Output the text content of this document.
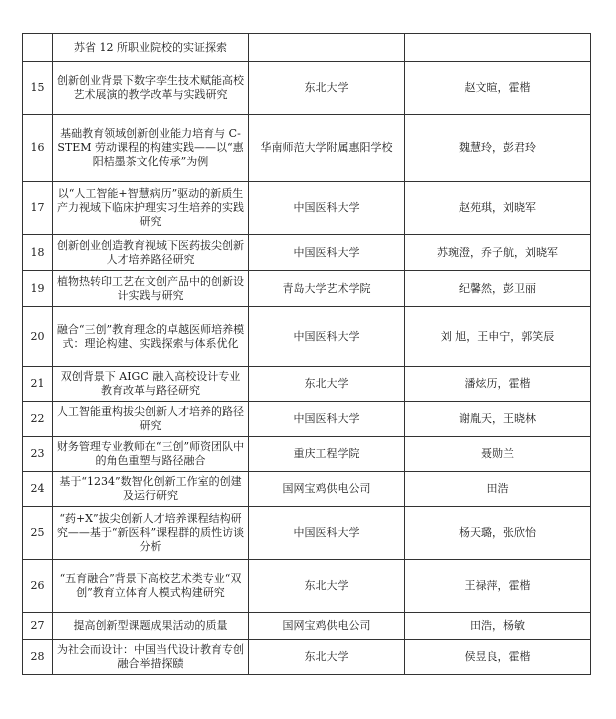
	苏省 12 所职业院校的实证探索		
15	创新创业背景下数字孪生技术赋能高校艺术展演的教学改革与实践研究	东北大学	赵文暄，霍楷
16	基础教育领域创新创业能力培育与 C-STEM 劳动课程的构建实践——以“惠阳桔墨茶文化传承”为例	华南师范大学附属惠阳学校	魏慧玲，彭君玲
17	以“人工智能+智慧病历”驱动的新质生产力视域下临床护理实习生培养的实践研究	中国医科大学	赵苑琪，刘晓军
18	创新创业创造教育视域下医药拔尖创新人才培养路径研究	中国医科大学	苏琬澄，乔子航，刘晓军
19	植物热转印工艺在文创产品中的创新设计实践与研究	青岛大学艺术学院	纪馨然，彭卫丽
20	融合“三创”教育理念的卓越医师培养模式：理论构建、实践探索与体系优化	中国医科大学	刘 旭，王申宁，郭笑辰
21	双创背景下 AIGC 融入高校设计专业教育改革与路径研究	东北大学	潘炫历，霍楷
22	人工智能重构拔尖创新人才培养的路径研究	中国医科大学	谢胤天，王晓林
23	财务管理专业教师在“三创”师资团队中的角色重塑与路径融合	重庆工程学院	聂勋兰
24	基于“1234”数智化创新工作室的创建及运行研究	国网宝鸡供电公司	田浩
25	“药+X”拔尖创新人才培养课程结构研究——基于“新医科”课程群的质性访谈分析	中国医科大学	杨天璐，张欣怡
26	“五育融合”背景下高校艺术类专业“双创”教育立体育人模式构建研究	东北大学	王禄萍，霍楷
27	提高创新型课题成果活动的质量	国网宝鸡供电公司	田浩，杨敏
28	为社会而设计：中国当代设计教育专创融合举措探赜	东北大学	侯昱良，霍楷
